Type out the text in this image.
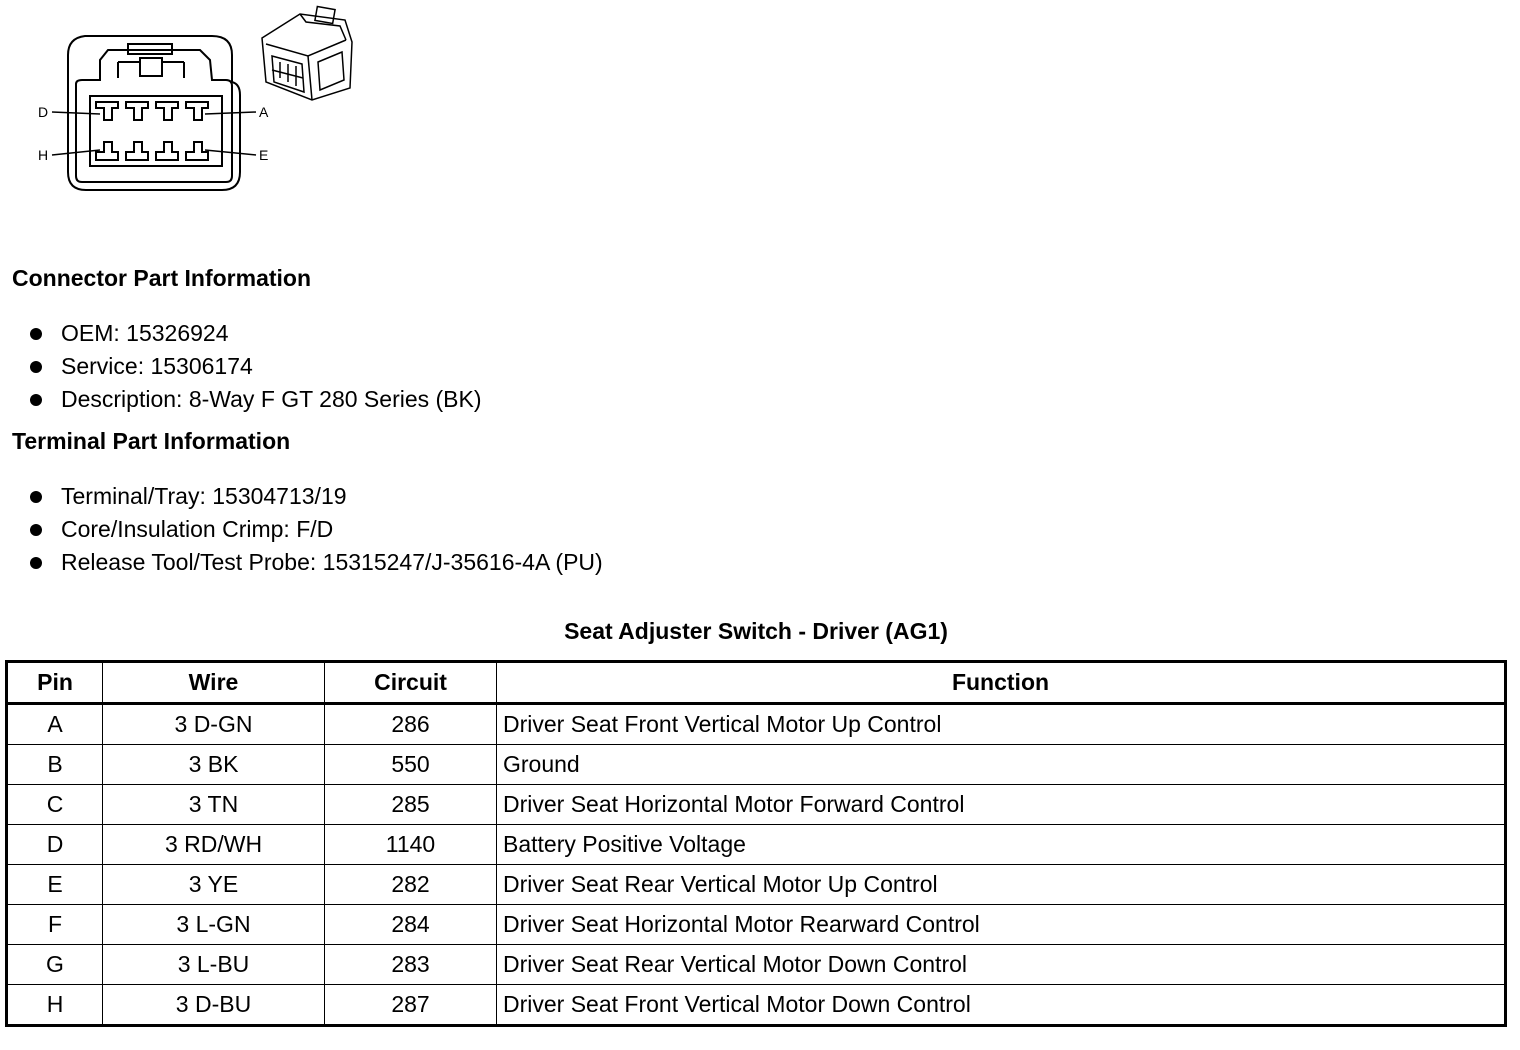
D	A
H	E
Connector Part Information
OEM: 15326924
Service: 15306174
Description: 8-Way F GT 280 Series (BK)
Terminal Part Information
Terminal/Tray: 15304713/19
Core/Insulation Crimp: F/D
Release Tool/Test Probe: 15315247/J-35616-4A (PU)
Seat Adjuster Switch - Driver (AG1)
Pin	Wire	Circuit	Function
A	3 D-GN	286	Driver Seat Front Vertical Motor Up Control
B	3 BK	550	Ground
C	3 TN	285	Driver Seat Horizontal Motor Forward Control
D	3 RD/WH	1140	Battery Positive Voltage
E	3 YE	282	Driver Seat Rear Vertical Motor Up Control
F	3 L-GN	284	Driver Seat Horizontal Motor Rearward Control
G	3 L-BU	283	Driver Seat Rear Vertical Motor Down Control
H	3 D-BU	287	Driver Seat Front Vertical Motor Down Control
